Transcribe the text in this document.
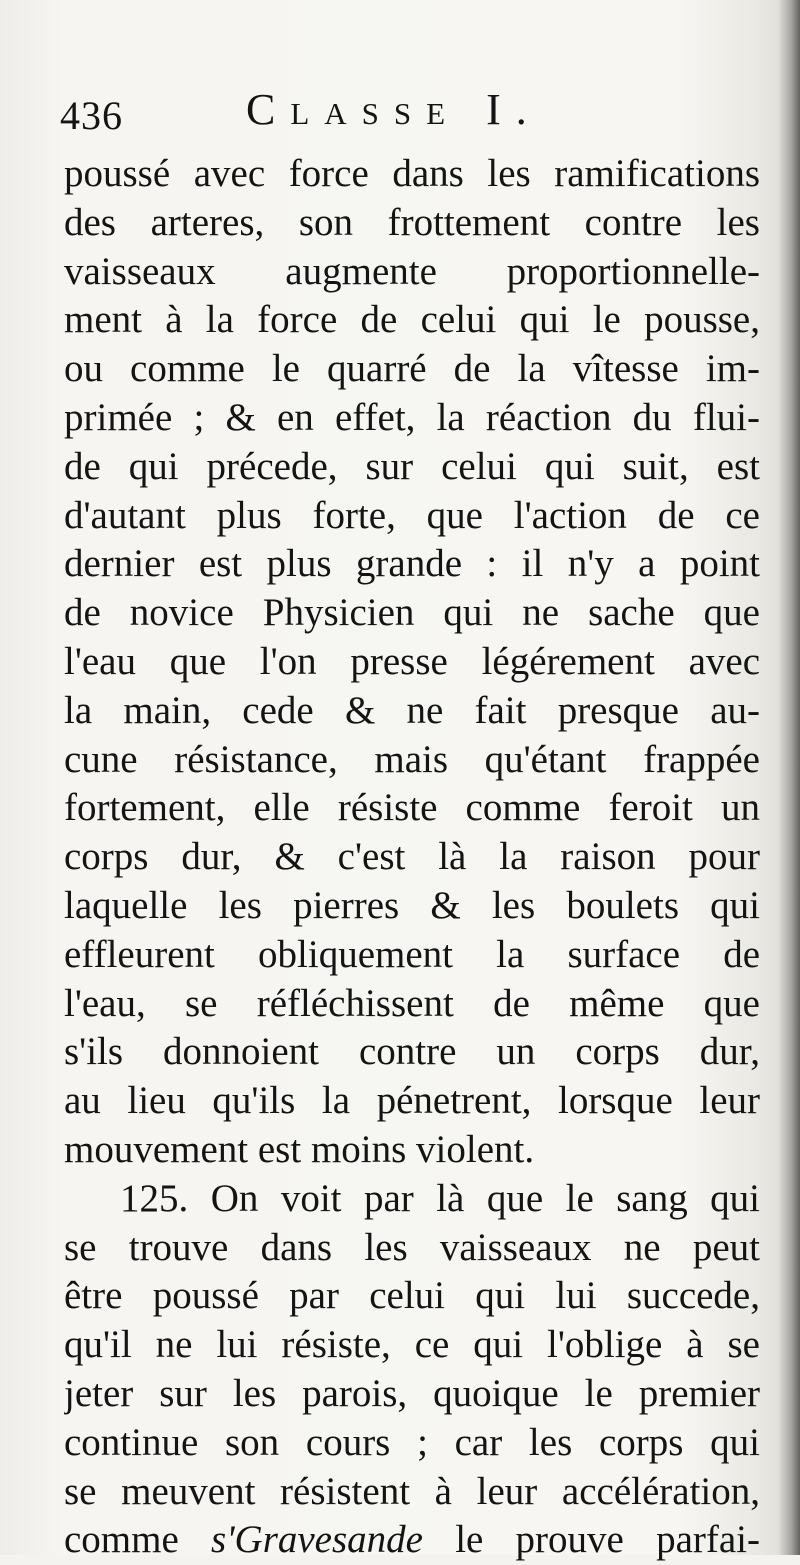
436	Classe I.
poussé avec force dans les ramifications
des arteres, son frottement contre les
vaisseaux augmente proportionnelle-
ment à la force de celui qui le pousse,
ou comme le quarré de la vîtesse im-
primée ; & en effet, la réaction du flui-
de qui précede, sur celui qui suit, est
d'autant plus forte, que l'action de ce
dernier est plus grande : il n'y a point
de novice Physicien qui ne sache que
l'eau que l'on presse légérement avec
la main, cede & ne fait presque au-
cune résistance, mais qu'étant frappée
fortement, elle résiste comme feroit un
corps dur, & c'est là la raison pour
laquelle les pierres & les boulets qui
effleurent obliquement la surface de
l'eau, se réfléchissent de même que
s'ils donnoient contre un corps dur,
au lieu qu'ils la pénetrent, lorsque leur
mouvement est moins violent.
125. On voit par là que le sang qui
se trouve dans les vaisseaux ne peut
être poussé par celui qui lui succede,
qu'il ne lui résiste, ce qui l'oblige à se
jeter sur les parois, quoique le premier
continue son cours ; car les corps qui
se meuvent résistent à leur accélération,
comme s'Gravesande le prouve parfai-
